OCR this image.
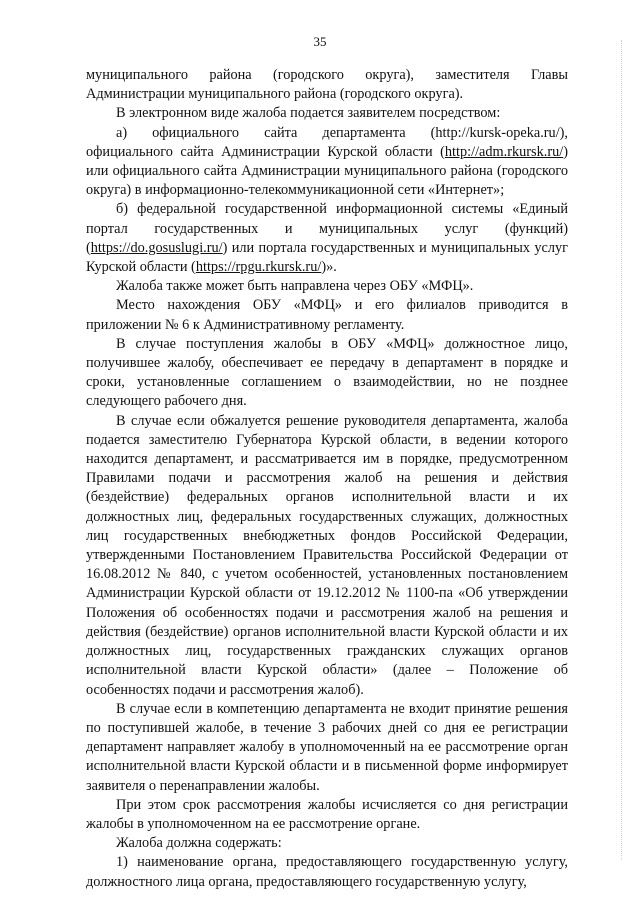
35

муниципального района (городского округа), заместителя Главы Администрации муниципального района (городского округа).

В электронном виде жалоба подается заявителем посредством:

а) официального сайта департамента (http://kursk-opeka.ru/), официального сайта Администрации Курской области (http://adm.rkursk.ru/) или официального сайта Администрации муниципального района (городского округа) в информационно-телекоммуникационной сети «Интернет»;

б) федеральной государственной информационной системы «Единый портал государственных и муниципальных услуг (функций) (https://do.gosuslugi.ru/) или портала государственных и муниципальных услуг Курской области (https://rpgu.rkursk.ru/)».

Жалоба также может быть направлена через ОБУ «МФЦ».

Место нахождения ОБУ «МФЦ» и его филиалов приводится в приложении № 6 к Административному регламенту.

В случае поступления жалобы в ОБУ «МФЦ» должностное лицо, получившее жалобу, обеспечивает ее передачу в департамент в порядке и сроки, установленные соглашением о взаимодействии, но не позднее следующего рабочего дня.

В случае если обжалуется решение руководителя департамента, жалоба подается заместителю Губернатора Курской области, в ведении которого находится департамент, и рассматривается им в порядке, предусмотренном Правилами подачи и рассмотрения жалоб на решения и действия (бездействие) федеральных органов исполнительной власти и их должностных лиц, федеральных государственных служащих, должностных лиц государственных внебюджетных фондов Российской Федерации, утвержденными Постановлением Правительства Российской Федерации от 16.08.2012 № 840, с учетом особенностей, установленных постановлением Администрации Курской области от 19.12.2012 № 1100-па «Об утверждении Положения об особенностях подачи и рассмотрения жалоб на решения и действия (бездействие) органов исполнительной власти Курской области и их должностных лиц, государственных гражданских служащих органов исполнительной власти Курской области» (далее – Положение об особенностях подачи и рассмотрения жалоб).

В случае если в компетенцию департамента не входит принятие решения по поступившей жалобе, в течение 3 рабочих дней со дня ее регистрации департамент направляет жалобу в уполномоченный на ее рассмотрение орган исполнительной власти Курской области и в письменной форме информирует заявителя о перенаправлении жалобы.

При этом срок рассмотрения жалобы исчисляется со дня регистрации жалобы в уполномоченном на ее рассмотрение органе.

Жалоба должна содержать:

1) наименование органа, предоставляющего государственную услугу, должностного лица органа, предоставляющего государственную услугу,
